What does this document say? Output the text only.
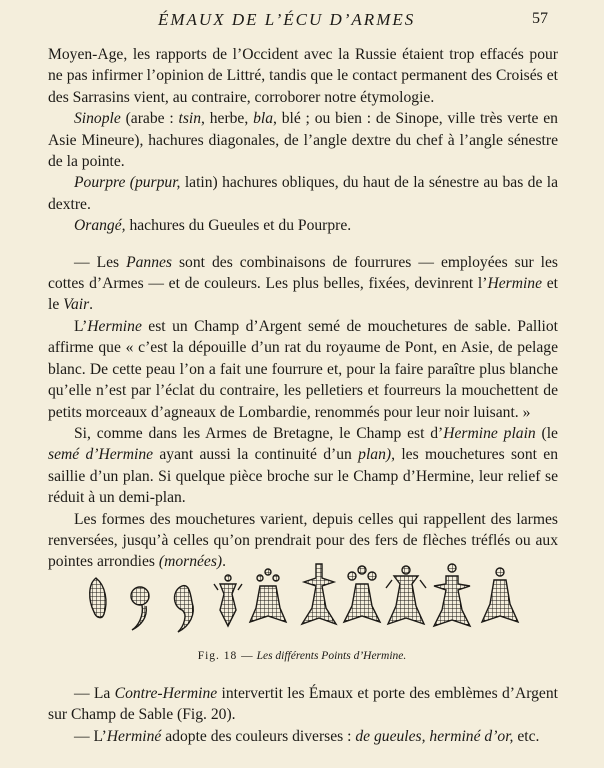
ÉMAUX DE L’ÉCU D’ARMES	57

Moyen-Age, les rapports de l’Occident avec la Russie étaient trop effacés pour ne pas infirmer l’opinion de Littré, tandis que le contact permanent des Croisés et des Sarrasins vient, au contraire, corroborer notre étymologie.

Sinople (arabe : tsin, herbe, bla, blé ; ou bien : de Sinope, ville très verte en Asie Mineure), hachures diagonales, de l’angle dextre du chef à l’angle sénestre de la pointe.

Pourpre (purpur, latin) hachures obliques, du haut de la sénestre au bas de la dextre.

Orangé, hachures du Gueules et du Pourpre.

— Les Pannes sont des combinaisons de fourrures — employées sur les cottes d’Armes — et de couleurs. Les plus belles, fixées, devinrent l’Hermine et le Vair.

L’Hermine est un Champ d’Argent semé de mouchetures de sable. Palliot affirme que « c’est la dépouille d’un rat du royaume de Pont, en Asie, de pelage blanc. De cette peau l’on a fait une fourrure et, pour la faire paraître plus blanche qu’elle n’est par l’éclat du contraire, les pelletiers et fourreurs la mouchettent de petits morceaux d’agneaux de Lombardie, renommés pour leur noir luisant. »

Si, comme dans les Armes de Bretagne, le Champ est d’Hermine plain (le semé d’Hermine ayant aussi la continuité d’un plan), les mouchetures sont en saillie d’un plan. Si quelque pièce broche sur le Champ d’Hermine, leur relief se réduit à un demi-plan.

Les formes des mouchetures varient, depuis celles qui rappellent des larmes renversées, jusqu’à celles qu’on prendrait pour des fers de flèches tréflés ou aux pointes arrondies (mornées).

Fig. 18 — Les différents Points d’Hermine.

— La Contre-Hermine intervertit les Émaux et porte des emblèmes d’Argent sur Champ de Sable (Fig. 20).

— L’Herminé adopte des couleurs diverses : de gueules, herminé d’or, etc.
